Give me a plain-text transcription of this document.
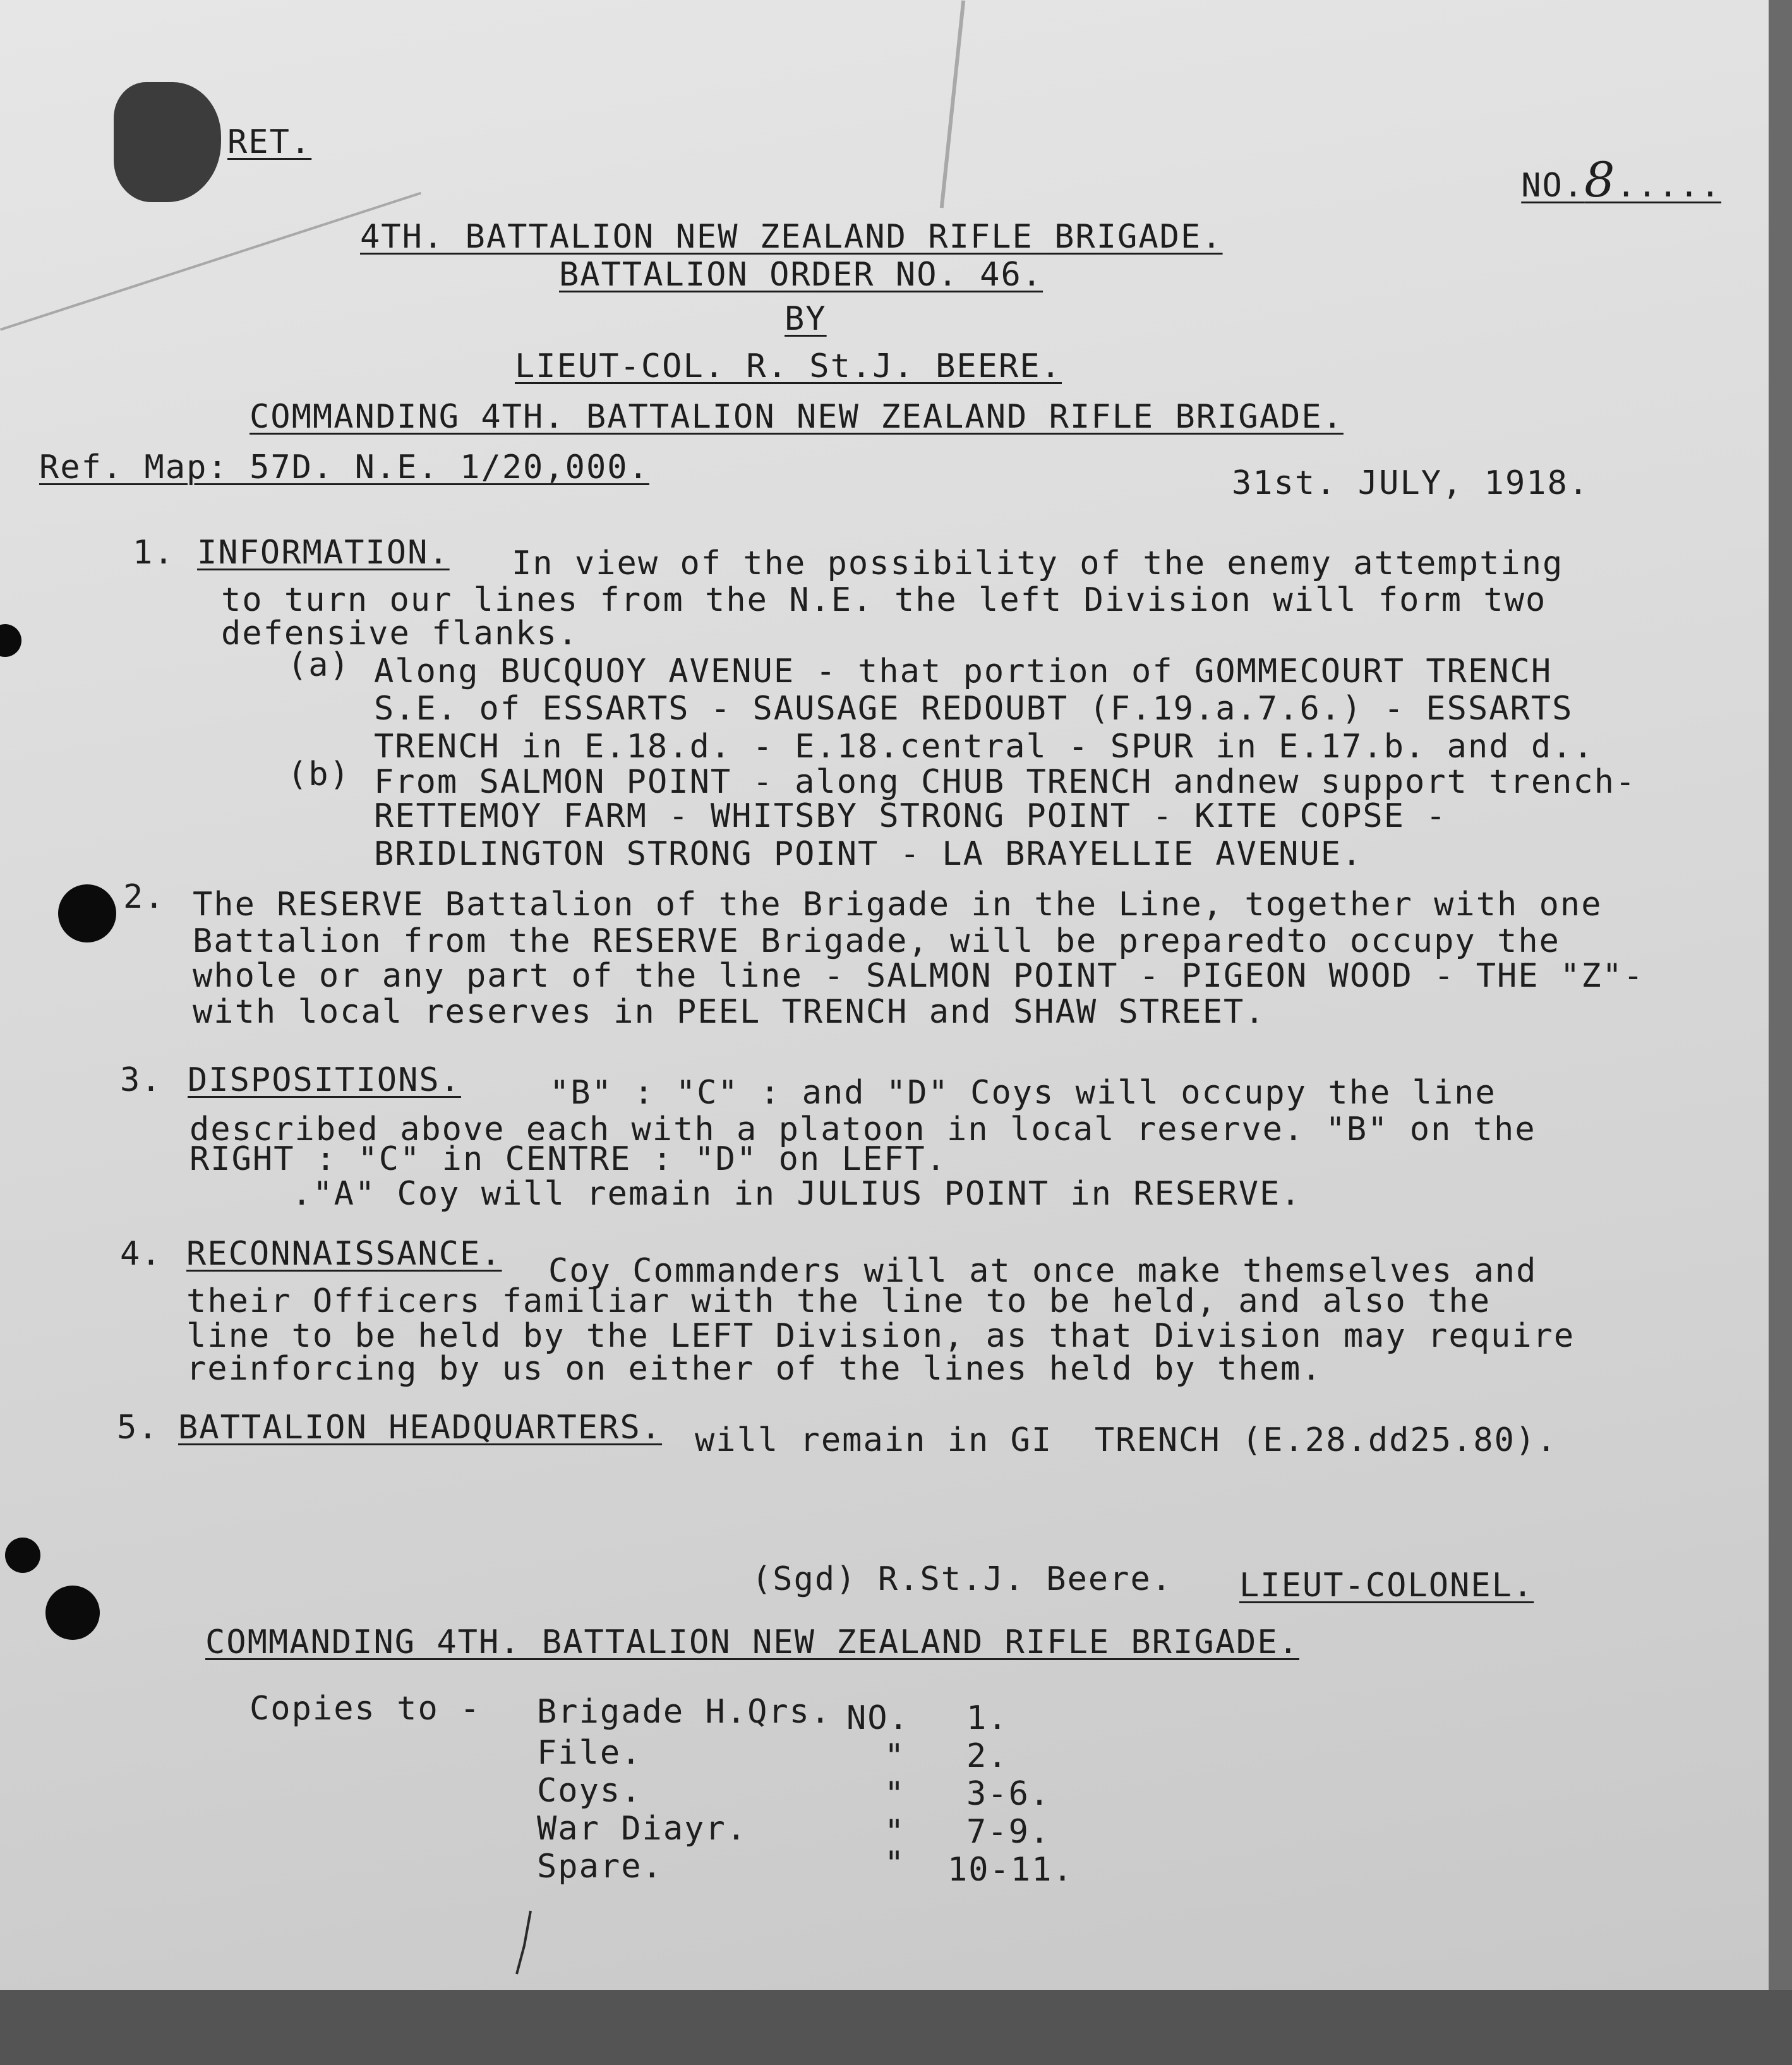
RET.

NO.8.....

4TH. BATTALION NEW ZEALAND RIFLE BRIGADE.
BATTALION ORDER NO. 46.
BY
LIEUT-COL. R. St.J. BEERE.
COMMANDING 4TH. BATTALION NEW ZEALAND RIFLE BRIGADE.
Ref. Map: 57D. N.E. 1/20,000.	31st. JULY, 1918.
1. INFORMATION. In view of the possibility of the enemy attempting
to turn our lines from the N.E. the left Division will form two
defensive flanks.
(a) Along BUCQUOY AVENUE - that portion of GOMMECOURT TRENCH
S.E. of ESSARTS - SAUSAGE REDOUBT (F.19.a.7.6.) - ESSARTS
TRENCH in E.18.d. - E.18.central - SPUR in E.17.b. and d..
(b) From SALMON POINT - along CHUB TRENCH andnew support trench-
RETTEMOY FARM - WHITSBY STRONG POINT - KITE COPSE -
BRIDLINGTON STRONG POINT - LA BRAYELLIE AVENUE.
2. The RESERVE Battalion of the Brigade in the Line, together with one
Battalion from the RESERVE Brigade, will be preparedto occupy the
whole or any part of the line - SALMON POINT - PIGEON WOOD - THE "Z"-
with local reserves in PEEL TRENCH and SHAW STREET.
3. DISPOSITIONS.	"B" : "C" : and "D" Coys will occupy the line
described above each with a platoon in local reserve. "B" on the
RIGHT : "C" in CENTRE : "D" on LEFT.
."A" Coy will remain in JULIUS POINT in RESERVE.
4. RECONNAISSANCE. Coy Commanders will at once make themselves and
their Officers familiar with the line to be held, and also the
line to be held by the LEFT Division, as that Division may require
reinforcing by us on either of the lines held by them.
5. BATTALION HEADQUARTERS. will remain in GI  TRENCH (E.28.dd25.80).
(Sgd) R.St.J. Beere. LIEUT-COLONEL.
COMMANDING 4TH. BATTALION NEW ZEALAND RIFLE BRIGADE.
Copies to - Brigade H.Qrs. NO. 1.
File.	" 2.
Coys.	" 3-6.
War Diayr.	" 7-9.
Spare.	" 10-11.
